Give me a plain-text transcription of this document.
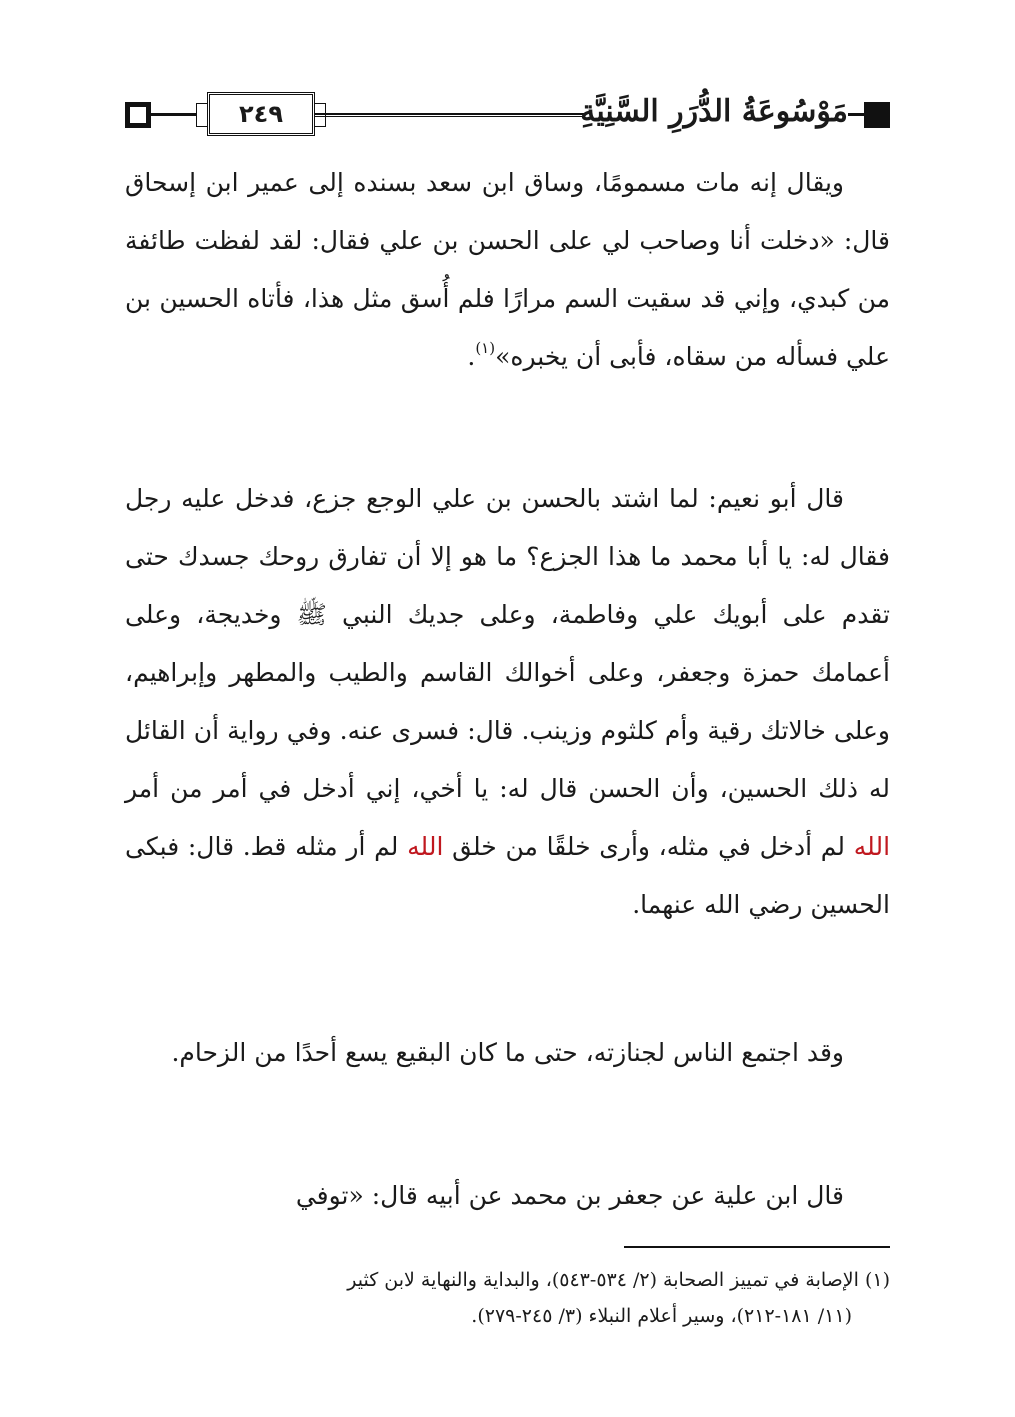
٢٤٩	مَوْسُوعَةُ الدُّرَرِ السَّنِيَّةِ
ويقال إنه مات مسمومًا، وساق ابن سعد بسنده إلى عمير ابن إسحاق قال: «دخلت أنا وصاحب لي على الحسن بن علي فقال: لقد لفظت طائفة من كبدي، وإني قد سقيت السم مرارًا فلم أُسق مثل هذا، فأتاه الحسين بن علي فسأله من سقاه، فأبى أن يخبره»$^{(١)}$.
قال أبو نعيم: لما اشتد بالحسن بن علي الوجع جزع، فدخل عليه رجل فقال له: يا أبا محمد ما هذا الجزع؟ ما هو إلا أن تفارق روحك جسدك حتى تقدم على أبويك علي وفاطمة، وعلى جديك النبي ﷺ وخديجة، وعلى أعمامك حمزة وجعفر، وعلى أخوالك القاسم والطيب والمطهر وإبراهيم، وعلى خالاتك رقية وأم كلثوم وزينب. قال: فسرى عنه. وفي رواية أن القائل له ذلك الحسين، وأن الحسن قال له: يا أخي، إني أدخل في أمر من أمر الله لم أدخل في مثله، وأرى خلقًا من خلق الله لم أر مثله قط. قال: فبكى الحسين رضي الله عنهما.
وقد اجتمع الناس لجنازته، حتى ما كان البقيع يسع أحدًا من الزحام.
قال ابن علية عن جعفر بن محمد عن أبيه قال: «توفي
(١) الإصابة في تمييز الصحابة (٢/ ٥٣٤-٥٤٣)، والبداية والنهاية لابن كثير
(١١/ ١٨١-٢١٢)، وسير أعلام النبلاء (٣/ ٢٤٥-٢٧٩).
